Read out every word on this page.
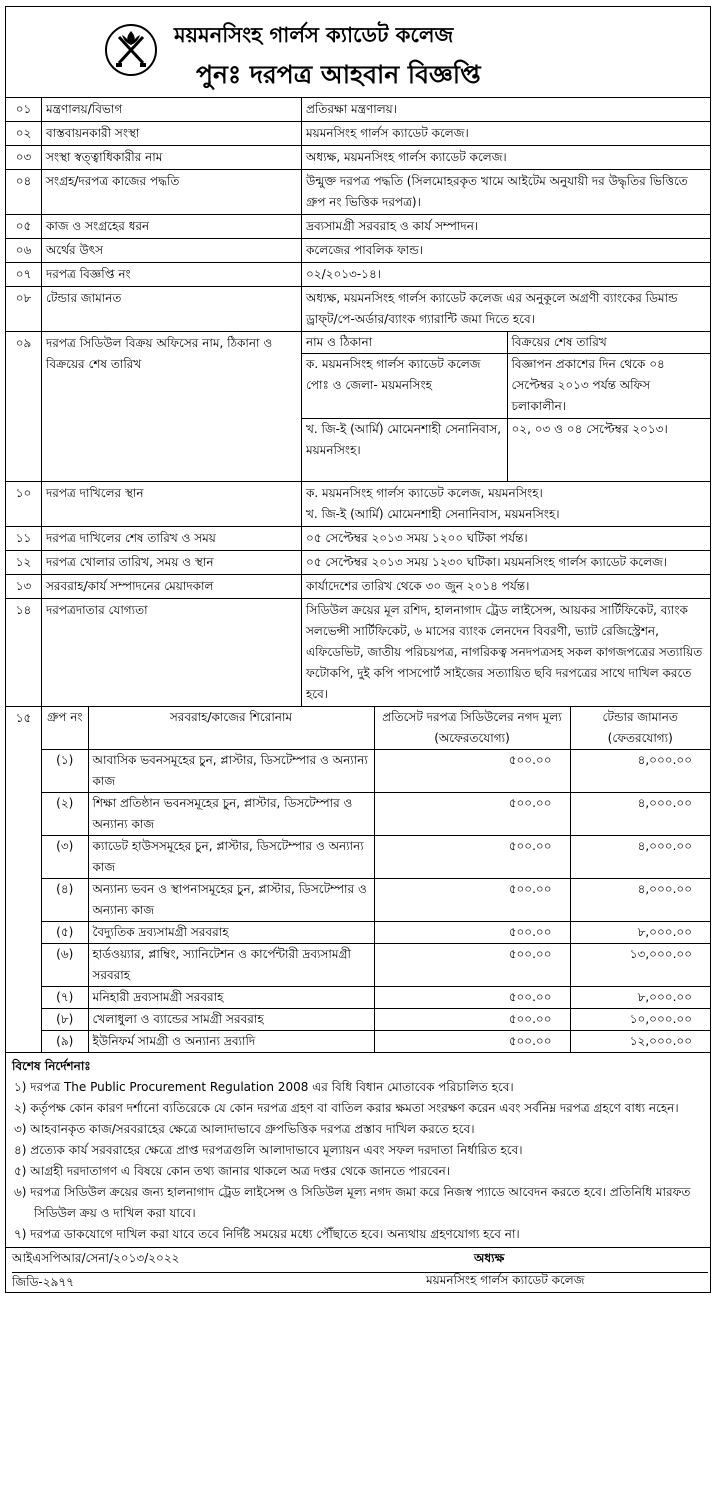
ময়মনসিংহ গার্লস ক্যাডেট কলেজ
পুনঃ দরপত্র আহবান বিজ্ঞপ্তি
০১	মন্ত্রণালয়/বিভাগ	প্রতিরক্ষা মন্ত্রণালয়।
০২	বাস্তবায়নকারী সংস্থা	ময়মনসিংহ গার্লস ক্যাডেট কলেজ।
০৩	সংস্থা স্বত্ত্বাধিকারীর নাম	অধ্যক্ষ, ময়মনসিংহ গার্লস ক্যাডেট কলেজ।
০৪	সংগ্রহ/দরপত্র কাজের পদ্ধতি	উন্মুক্ত দরপত্র পদ্ধতি (সিলমোহরকৃত খামে আইটেম অনুযায়ী দর উদ্ধৃতির ভিত্তিতে গ্রুপ নং ভিত্তিক দরপত্র)।
০৫	কাজ ও সংগ্রহের ধরন	দ্রব্যসামগ্রী সরবরাহ ও কার্য সম্পাদন।
০৬	অর্থের উৎস	কলেজের পাবলিক ফান্ড।
০৭	দরপত্র বিজ্ঞপ্তি নং	০২/২০১৩-১৪।
০৮	টেন্ডার জামানত	অধ্যক্ষ, ময়মনসিংহ গার্লস ক্যাডেট কলেজ এর অনুকূলে অগ্রণী ব্যাংকের ডিমান্ড ড্রাফ্‌ট/পে-অর্ডার/ব্যাংক গ্যারান্টি জমা দিতে হবে।
০৯	দরপত্র সিডিউল বিক্রয় অফিসের নাম, ঠিকানা ও বিক্রয়ের শেষ তারিখ	
নাম ও ঠিকানা	বিক্রয়ের শেষ তারিখ
ক. ময়মনসিংহ গার্লস ক্যাডেট কলেজ পোঃ ও জেলা- ময়মনসিংহ	বিজ্ঞাপন প্রকাশের দিন থেকে ০৪ সেপ্টেম্বর ২০১৩ পর্যন্ত অফিস চলাকালীন।
খ. জি-ই (আর্মি) মোমেনশাহী সেনানিবাস, ময়মনসিংহ।	০২, ০৩ ও ০৪ সেপ্টেম্বর ২০১৩।

১০	দরপত্র দাখিলের স্থান	ক. ময়মনসিংহ গার্লস ক্যাডেট কলেজ, ময়মনসিংহ।
খ. জি-ই (আর্মি) মোমেনশাহী সেনানিবাস, ময়মনসিংহ।

১১	দরপত্র দাখিলের শেষ তারিখ ও সময়	০৫ সেপ্টেম্বর ২০১৩ সময় ১২০০ ঘটিকা পর্যন্ত।
১২	দরপত্র খোলার তারিখ, সময় ও স্থান	০৫ সেপ্টেম্বর ২০১৩ সময় ১২৩০ ঘটিকা। ময়মনসিংহ গার্লস ক্যাডেট কলেজ।
১৩	সরবরাহ/কার্য সম্পাদনের মেয়াদকাল	কার্যাদেশের তারিখ থেকে ৩০ জুন ২০১৪ পর্যন্ত।
১৪	দরপত্রদাতার যোগ্যতা	সিডিউল ক্রয়ের মূল রশিদ, হালনাগাদ ট্রেড লাইসেন্স, আয়কর সার্টিফিকেট, ব্যাংক সলভেন্সী সার্টিফিকেট, ৬ মাসের ব্যাংক লেনদেন বিবরণী, ভ্যাট রেজিস্ট্রেশন, এফিডেভিট, জাতীয় পরিচয়পত্র, নাগরিকত্ব সনদপত্রসহ সকল কাগজপত্রের সত্যায়িত ফটোকপি, দুই কপি পাসপোর্ট সাইজের সত্যায়িত ছবি দরপত্রের সাথে দাখিল করতে হবে।
১৫	গ্রুপ নং	সরবরাহ/কাজের শিরোনাম	প্রতিসেট দরপত্র সিডিউলের নগদ মূল্য (অফেরতযোগ্য)	টেন্ডার জামানত (ফেতরযোগ্য)
(১)	আবাসিক ভবনসমূহের চুন, প্লাস্টার, ডিসটেম্পার ও অন্যান্য কাজ	৫০০.০০	৪,০০০.০০
(২)	শিক্ষা প্রতিষ্ঠান ভবনসমূহের চুন, প্লাস্টার, ডিসটেম্পার ও অন্যান্য কাজ	৫০০.০০	৪,০০০.০০
(৩)	ক্যাডেট হাউসসমূহের চুন, প্লাস্টার, ডিসটেম্পার ও অন্যান্য কাজ	৫০০.০০	৪,০০০.০০
(৪)	অন্যান্য ভবন ও স্থাপনাসমূহের চুন, প্লাস্টার, ডিসটেম্পার ও অন্যান্য কাজ	৫০০.০০	৪,০০০.০০
(৫)	বৈদ্যুতিক দ্রব্যসামগ্রী সরবরাহ	৫০০.০০	৮,০০০.০০
(৬)	হার্ডওয়্যার, প্লাম্বিং, স্যানিটেশন ও কার্পেন্টারী দ্রব্যসামগ্রী সরবরাহ	৫০০.০০	১৩,০০০.০০
(৭)	মনিহারী দ্রব্যসামগ্রী সরবরাহ	৫০০.০০	৮,০০০.০০
(৮)	খেলাধুলা ও ব্যান্ডের সামগ্রী সরবরাহ	৫০০.০০	১০,০০০.০০
(৯)	ইউনিফর্ম সামগ্রী ও অন্যান্য দ্রব্যাদি	৫০০.০০	১২,০০০.০০
বিশেষ নির্দেশনাঃ
১) দরপত্র The Public Procurement Regulation 2008 এর বিধি বিধান মোতাবেক পরিচালিত হবে।
২) কর্তৃপক্ষ কোন কারণ দর্শানো ব্যতিরেকে যে কোন দরপত্র গ্রহণ বা বাতিল করার ক্ষমতা সংরক্ষণ করেন এবং সর্বনিম্ন দরপত্র গ্রহণে বাধ্য নহেন।
৩) আহবানকৃত কাজ/সরবরাহের ক্ষেত্রে আলাদাভাবে গ্রুপভিত্তিক দরপত্র প্রস্তাব দাখিল করতে হবে।
৪) প্রত্যেক কার্য সরবরাহের ক্ষেত্রে প্রাপ্ত দরপত্রগুলি আলাদাভাবে মূল্যায়ন এবং সফল দরদাতা নির্ধারিত হবে।
৫) আগ্রহী দরদাতাগণ এ বিষয়ে কোন তথ্য জানার থাকলে অত্র দপ্তর থেকে জানতে পারবেন।
৬) দরপত্র সিডিউল ক্রয়ের জন্য হালনাগাদ ট্রেড লাইসেন্স ও সিডিউল মূল্য নগদ জমা করে নিজস্ব প্যাডে আবেদন করতে হবে। প্রতিনিধি মারফত সিডিউল ক্রয় ও দাখিল করা যাবে।
৭) দরপত্র ডাকযোগে দাখিল করা যাবে তবে নির্দিষ্ট সময়ের মধ্যে পৌঁছাতে হবে। অন্যথায় গ্রহণযোগ্য হবে না।
আইএসপিআর/সেনা/২০১৩/২০২২
জিডি-২৯৭৭
অধ্যক্ষ
ময়মনসিংহ গার্লস ক্যাডেট কলেজ
